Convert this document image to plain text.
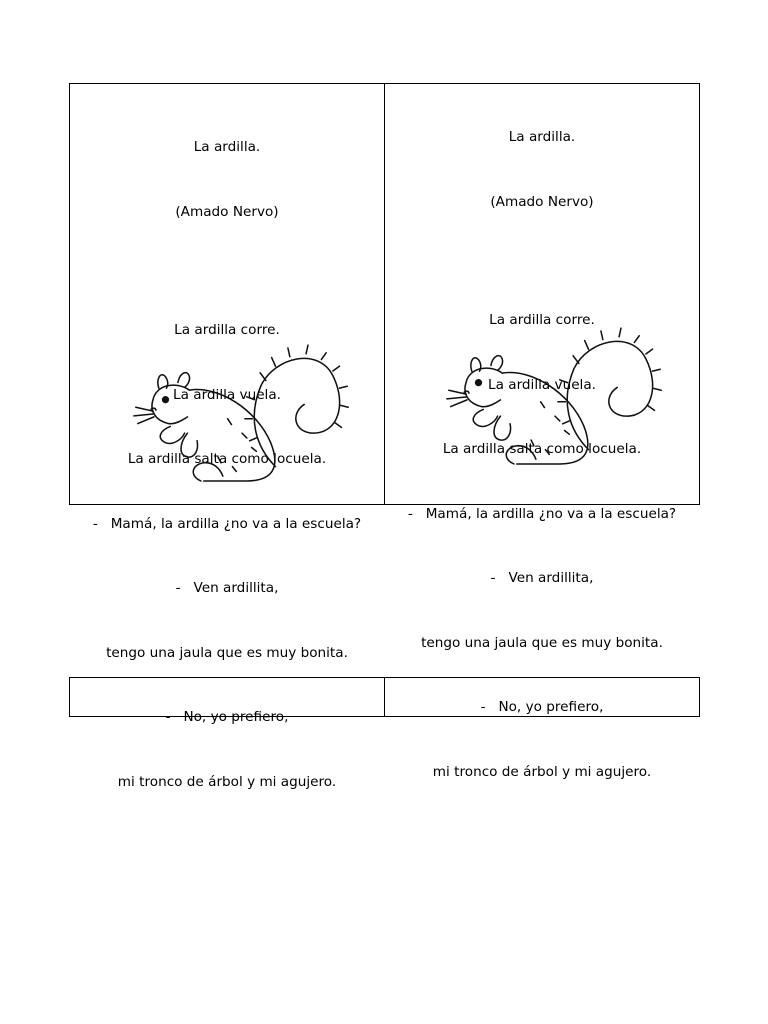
La ardilla.

(Amado Nervo)

La ardilla corre.

La ardilla vuela.

La ardilla salta como locuela.

-   Mamá, la ardilla ¿no va a la escuela?

-   Ven ardillita,

tengo una jaula que es muy bonita.

-   No, yo prefiero,

mi tronco de árbol y mi agujero.

La ardilla.

(Amado Nervo)

La ardilla corre.

La ardilla vuela.

La ardilla salta como locuela.

-   Mamá, la ardilla ¿no va a la escuela?

-   Ven ardillita,

tengo una jaula que es muy bonita.

-   No, yo prefiero,

mi tronco de árbol y mi agujero.
